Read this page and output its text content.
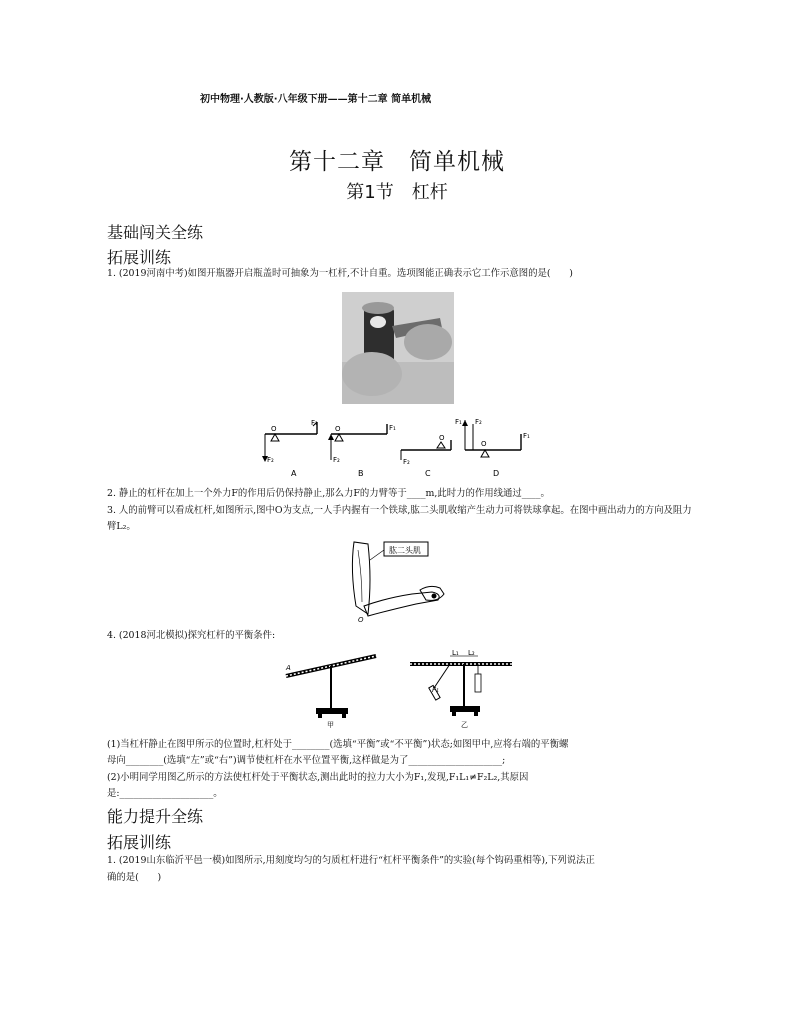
初中物理·人教版·八年级下册——第十二章 简单机械
第十二章　简单机械
第1节　杠杆
基础闯关全练
拓展训练
1. (2019河南中考)如图开瓶器开启瓶盖时可抽象为一杠杆,不计自重。选项图能正确表示它工作示意图的是(　　)
O
F₁
F₂
A
O	F₁
F₂
B
O
F₂
C
O
F₁ F₂
F₁
D
2. 静止的杠杆在加上一个外力F的作用后仍保持静止,那么力F的力臂等于____m,此时力的作用线通过____。
3. 人的前臂可以看成杠杆,如图所示,图中O为支点,一人手内握有一个铁球,肱二头肌收缩产生动力可将铁球拿起。在图中画出动力的方向及阻力臂L₂。
肱二头肌
O
4. (2018河北模拟)探究杠杆的平衡条件:
A
甲
L₁ L₂
F₁
乙
(1)当杠杆静止在图甲所示的位置时,杠杆处于________(选填“平衡”或“不平衡”)状态;如图甲中,应将右端的平衡螺
母向________(选填“左”或“右”)调节使杠杆在水平位置平衡,这样做是为了____________________;
(2)小明同学用图乙所示的方法使杠杆处于平衡状态,测出此时的拉力大小为F₁,发现,F₁L₁≠F₂L₂,其原因
是:____________________。
能力提升全练
拓展训练
1. (2019山东临沂平邑一模)如图所示,用刻度均匀的匀质杠杆进行“杠杆平衡条件”的实验(每个钩码重相等),下列说法正
确的是(　　)
